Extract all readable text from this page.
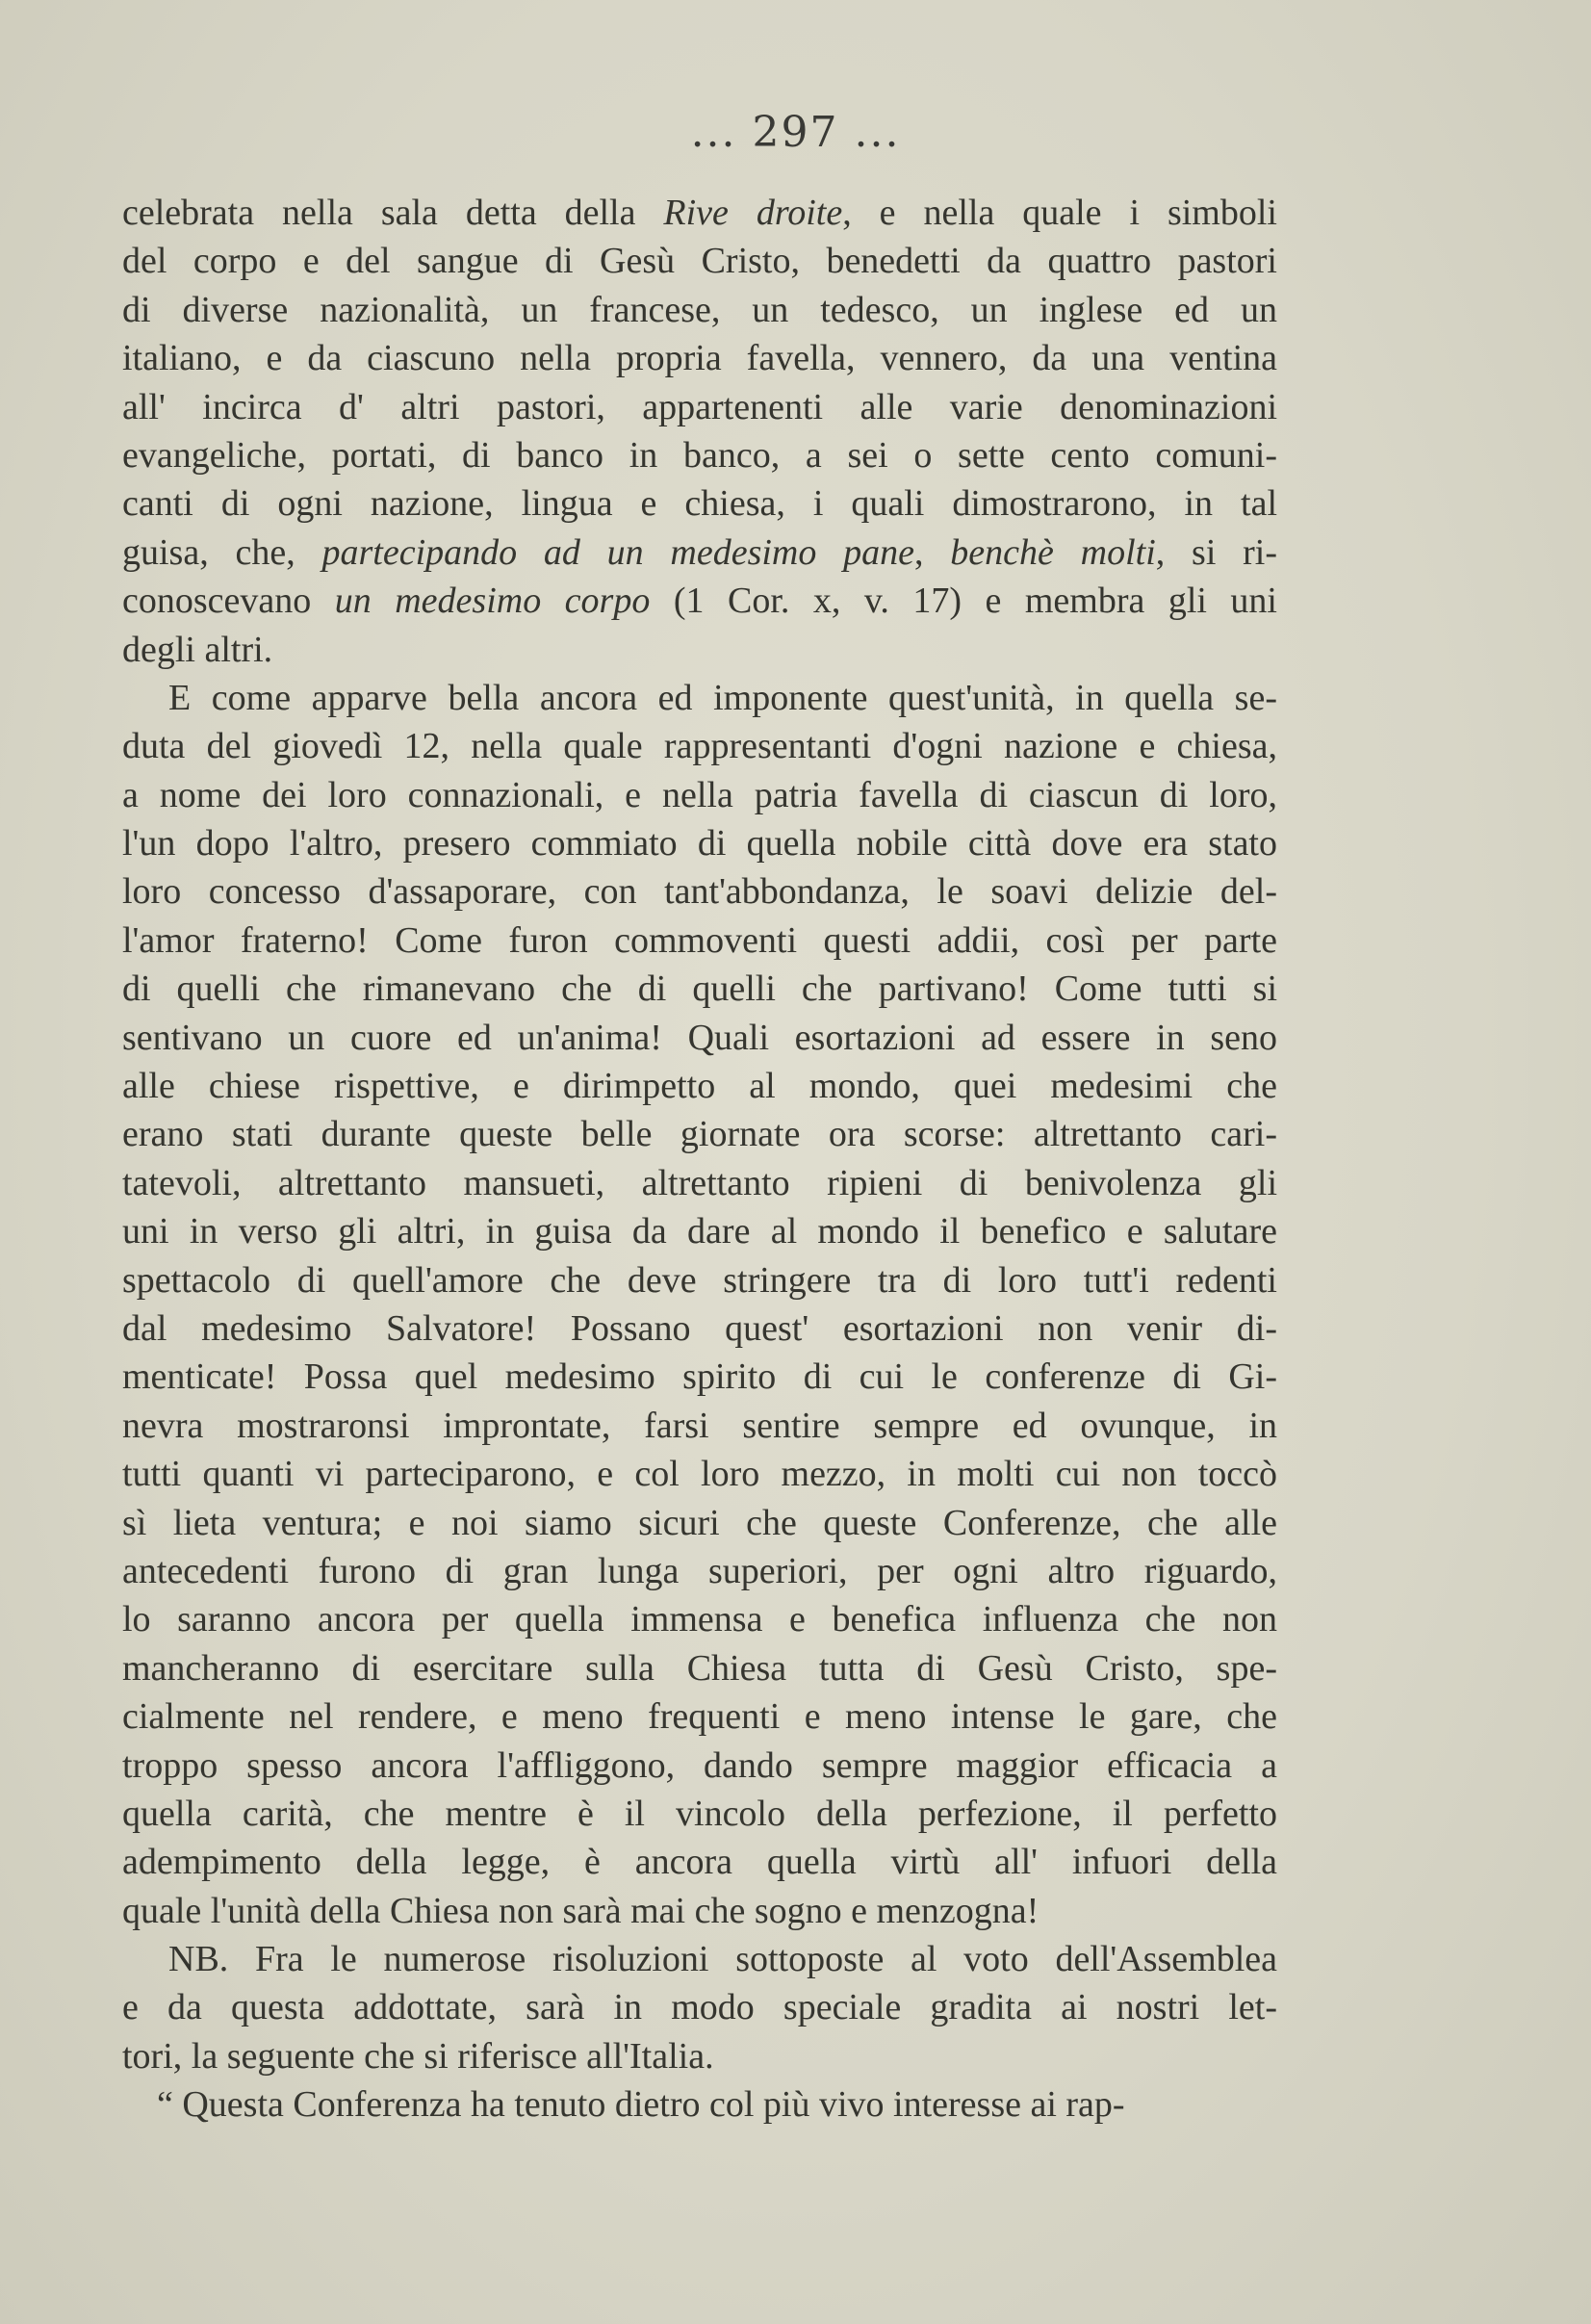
... 297 ...
celebrata nella sala detta della Rive droite, e nella quale i simboli
del corpo e del sangue di Gesù Cristo, benedetti da quattro pastori
di diverse nazionalità, un francese, un tedesco, un inglese ed un
italiano, e da ciascuno nella propria favella, vennero, da una ventina
all' incirca d' altri pastori, appartenenti alle varie denominazioni
evangeliche, portati, di banco in banco, a sei o sette cento comuni-
canti di ogni nazione, lingua e chiesa, i quali dimostrarono, in tal
guisa, che, partecipando ad un medesimo pane, benchè molti, si ri-
conoscevano un medesimo corpo (1 Cor. x, v. 17) e membra gli uni
degli altri.
E come apparve bella ancora ed imponente quest'unità, in quella se-
duta del giovedì 12, nella quale rappresentanti d'ogni nazione e chiesa,
a nome dei loro connazionali, e nella patria favella di ciascun di loro,
l'un dopo l'altro, presero commiato di quella nobile città dove era stato
loro concesso d'assaporare, con tant'abbondanza, le soavi delizie del-
l'amor fraterno! Come furon commoventi questi addii, così per parte
di quelli che rimanevano che di quelli che partivano! Come tutti si
sentivano un cuore ed un'anima! Quali esortazioni ad essere in seno
alle chiese rispettive, e dirimpetto al mondo, quei medesimi che
erano stati durante queste belle giornate ora scorse: altrettanto cari-
tatevoli, altrettanto mansueti, altrettanto ripieni di benivolenza gli
uni in verso gli altri, in guisa da dare al mondo il benefico e salutare
spettacolo di quell'amore che deve stringere tra di loro tutt'i redenti
dal medesimo Salvatore! Possano quest' esortazioni non venir di-
menticate! Possa quel medesimo spirito di cui le conferenze di Gi-
nevra mostraronsi improntate, farsi sentire sempre ed ovunque, in
tutti quanti vi parteciparono, e col loro mezzo, in molti cui non toccò
sì lieta ventura; e noi siamo sicuri che queste Conferenze, che alle
antecedenti furono di gran lunga superiori, per ogni altro riguardo,
lo saranno ancora per quella immensa e benefica influenza che non
mancheranno di esercitare sulla Chiesa tutta di Gesù Cristo, spe-
cialmente nel rendere, e meno frequenti e meno intense le gare, che
troppo spesso ancora l'affliggono, dando sempre maggior efficacia a
quella carità, che mentre è il vincolo della perfezione, il perfetto
adempimento della legge, è ancora quella virtù all' infuori della
quale l'unità della Chiesa non sarà mai che sogno e menzogna!
NB. Fra le numerose risoluzioni sottoposte al voto dell'Assemblea
e da questa addottate, sarà in modo speciale gradita ai nostri let-
tori, la seguente che si riferisce all'Italia.
“ Questa Conferenza ha tenuto dietro col più vivo interesse ai rap-
